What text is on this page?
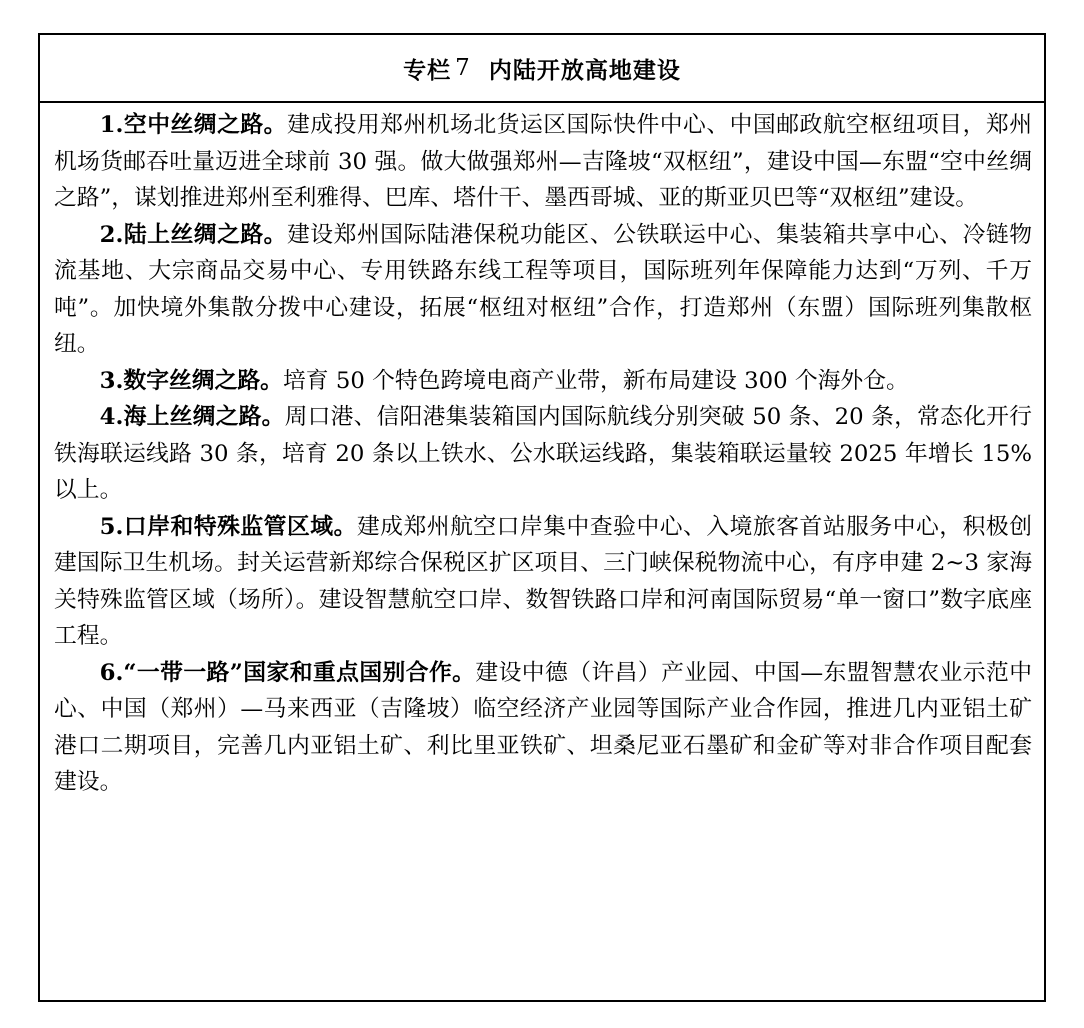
专栏 7 内陆开放高地建设

1.空中丝绸之路。建成投用郑州机场北货运区国际快件中心、中国邮政航空枢纽项目，郑州机场货邮吞吐量迈进全球前 30 强。做大做强郑州—吉隆坡“双枢纽”，建设中国—东盟“空中丝绸之路”，谋划推进郑州至利雅得、巴库、塔什干、墨西哥城、亚的斯亚贝巴等“双枢纽”建设。

2.陆上丝绸之路。建设郑州国际陆港保税功能区、公铁联运中心、集装箱共享中心、冷链物流基地、大宗商品交易中心、专用铁路东线工程等项目，国际班列年保障能力达到“万列、千万吨”。加快境外集散分拨中心建设，拓展“枢纽对枢纽”合作，打造郑州（东盟）国际班列集散枢纽。

3.数字丝绸之路。培育 50 个特色跨境电商产业带，新布局建设 300 个海外仓。

4.海上丝绸之路。周口港、信阳港集装箱国内国际航线分别突破 50 条、20 条，常态化开行铁海联运线路 30 条，培育 20 条以上铁水、公水联运线路，集装箱联运量较 2025 年增长 15%以上。

5.口岸和特殊监管区域。建成郑州航空口岸集中查验中心、入境旅客首站服务中心，积极创建国际卫生机场。封关运营新郑综合保税区扩区项目、三门峡保税物流中心，有序申建 2~3 家海关特殊监管区域（场所）。建设智慧航空口岸、数智铁路口岸和河南国际贸易“单一窗口”数字底座工程。

6.“一带一路”国家和重点国别合作。建设中德（许昌）产业园、中国—东盟智慧农业示范中心、中国（郑州）—马来西亚（吉隆坡）临空经济产业园等国际产业合作园，推进几内亚铝土矿港口二期项目，完善几内亚铝土矿、利比里亚铁矿、坦桑尼亚石墨矿和金矿等对非合作项目配套建设。
